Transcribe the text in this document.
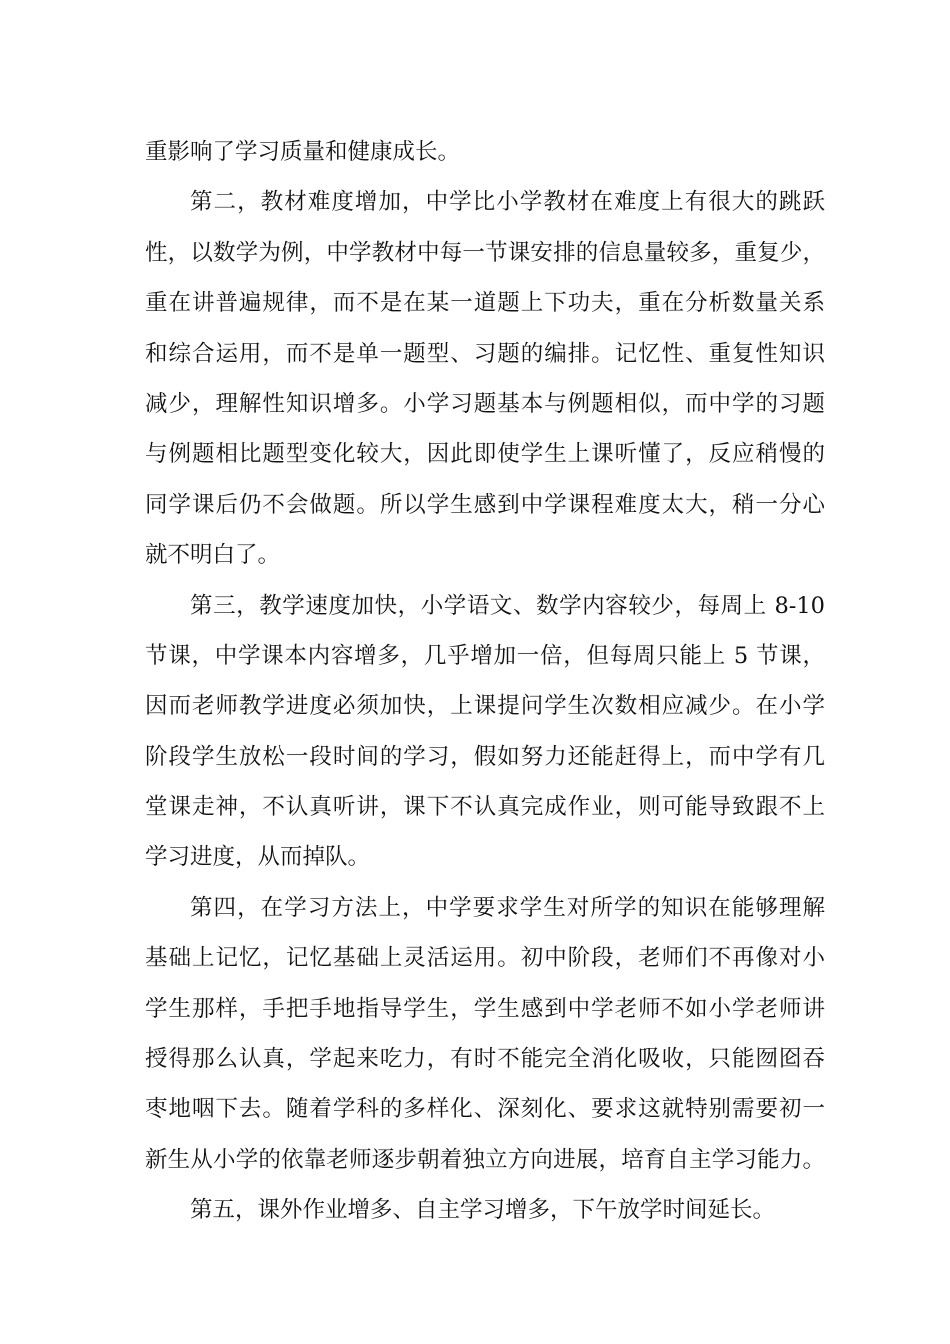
重影响了学习质量和健康成长。
第二，教材难度增加，中学比小学教材在难度上有很大的跳跃
性，以数学为例，中学教材中每一节课安排的信息量较多，重复少，
重在讲普遍规律，而不是在某一道题上下功夫，重在分析数量关系
和综合运用，而不是单一题型、习题的编排。记忆性、重复性知识
减少，理解性知识增多。小学习题基本与例题相似，而中学的习题
与例题相比题型变化较大，因此即使学生上课听懂了，反应稍慢的
同学课后仍不会做题。所以学生感到中学课程难度太大，稍一分心
就不明白了。
第三，教学速度加快，小学语文、数学内容较少，每周上 8-10
节课，中学课本内容增多，几乎增加一倍，但每周只能上 5 节课，
因而老师教学进度必须加快，上课提问学生次数相应减少。在小学
阶段学生放松一段时间的学习，假如努力还能赶得上，而中学有几
堂课走神，不认真听讲，课下不认真完成作业，则可能导致跟不上
学习进度，从而掉队。
第四，在学习方法上，中学要求学生对所学的知识在能够理解
基础上记忆，记忆基础上灵活运用。初中阶段，老师们不再像对小
学生那样，手把手地指导学生，学生感到中学老师不如小学老师讲
授得那么认真，学起来吃力，有时不能完全消化吸收，只能囫囵吞
枣地咽下去。随着学科的多样化、深刻化、要求这就特别需要初一
新生从小学的依靠老师逐步朝着独立方向进展，培育自主学习能力。
第五，课外作业增多、自主学习增多，下午放学时间延长。
